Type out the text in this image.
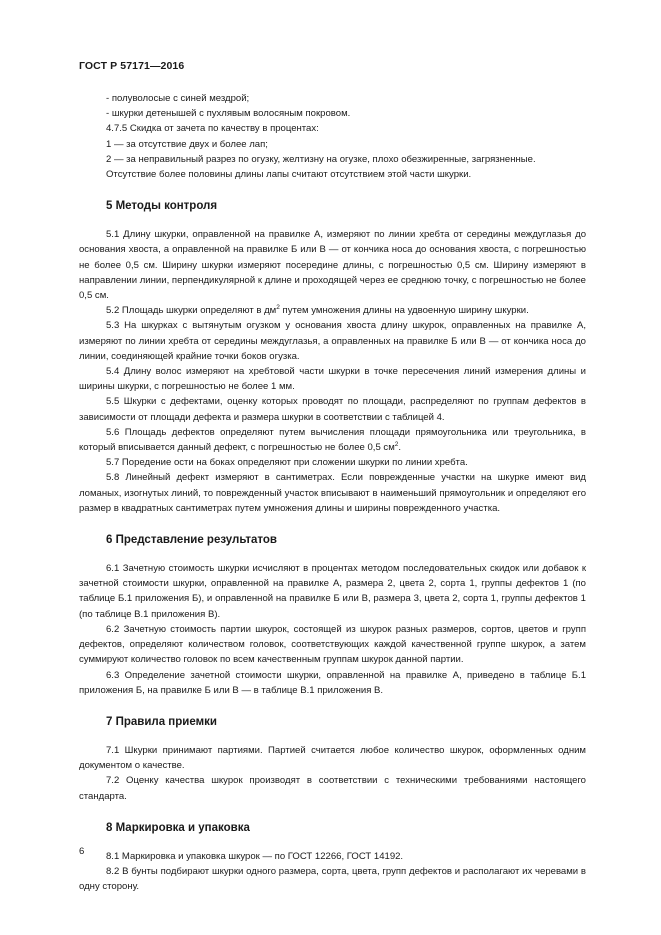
ГОСТ Р 57171—2016

- полуволосые с синей мездрой;

- шкурки детенышей с пухлявым волосяным покровом.

4.7.5 Скидка от зачета по качеству в процентах:

1 — за отсутствие двух и более лап;

2 — за неправильный разрез по огузку, желтизну на огузке, плохо обезжиренные, загрязненные.

Отсутствие более половины длины лапы считают отсутствием этой части шкурки.

5 Методы контроля

5.1 Длину шкурки, оправленной на правилке А, измеряют по линии хребта от середины междуглазья до основания хвоста, а оправленной на правилке Б или В — от кончика носа до основания хвоста, с погрешностью не более 0,5 см. Ширину шкурки измеряют посередине длины, с погрешностью 0,5 см. Ширину измеряют в направлении линии, перпендикулярной к длине и проходящей через ее среднюю точку, с погрешностью не более 0,5 см.

5.2 Площадь шкурки определяют в $дм^2$ путем умножения длины на удвоенную ширину шкурки.

5.3 На шкурках с вытянутым огузком у основания хвоста длину шкурок, оправленных на правилке А, измеряют по линии хребта от середины междуглазья, а оправленных на правилке Б или В — от кончика носа до линии, соединяющей крайние точки боков огузка.

5.4 Длину волос измеряют на хребтовой части шкурки в точке пересечения линий измерения длины и ширины шкурки, с погрешностью не более 1 мм.

5.5 Шкурки с дефектами, оценку которых проводят по площади, распределяют по группам дефектов в зависимости от площади дефекта и размера шкурки в соответствии с таблицей 4.

5.6 Площадь дефектов определяют путем вычисления площади прямоугольника или треугольника, в который вписывается данный дефект, с погрешностью не более 0,5 $см^2$.

5.7 Поредение ости на боках определяют при сложении шкурки по линии хребта.

5.8 Линейный дефект измеряют в сантиметрах. Если поврежденные участки на шкурке имеют вид ломаных, изогнутых линий, то поврежденный участок вписывают в наименьший прямоугольник и определяют его размер в квадратных сантиметрах путем умножения длины и ширины поврежденного участка.

6 Представление результатов

6.1 Зачетную стоимость шкурки исчисляют в процентах методом последовательных скидок или добавок к зачетной стоимости шкурки, оправленной на правилке А, размера 2, цвета 2, сорта 1, группы дефектов 1 (по таблице Б.1 приложения Б), и оправленной на правилке Б или В, размера 3, цвета 2, сорта 1, группы дефектов 1 (по таблице В.1 приложения В).

6.2 Зачетную стоимость партии шкурок, состоящей из шкурок разных размеров, сортов, цветов и групп дефектов, определяют количеством головок, соответствующих каждой качественной группе шкурок, а затем суммируют количество головок по всем качественным группам шкурок данной партии.

6.3 Определение зачетной стоимости шкурки, оправленной на правилке А, приведено в таблице Б.1 приложения Б, на правилке Б или В — в таблице В.1 приложения В.

7 Правила приемки

7.1 Шкурки принимают партиями. Партией считается любое количество шкурок, оформленных одним документом о качестве.

7.2 Оценку качества шкурок производят в соответствии с техническими требованиями настоящего стандарта.

8 Маркировка и упаковка

8.1 Маркировка и упаковка шкурок — по ГОСТ 12266, ГОСТ 14192.

8.2 В бунты подбирают шкурки одного размера, сорта, цвета, групп дефектов и располагают их черевами в одну сторону.

6
